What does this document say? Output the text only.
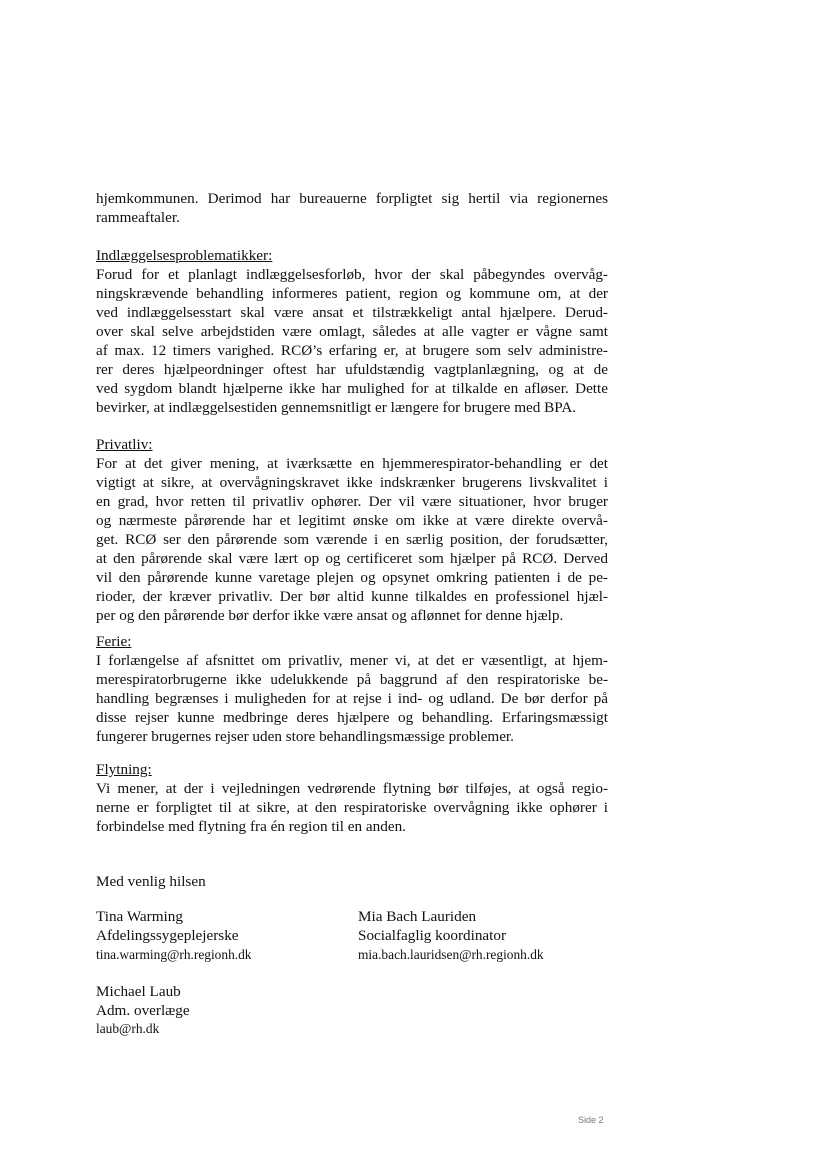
hjemkommunen. Derimod har bureauerne forpligtet sig hertil via regionernes
rammeaftaler.
Indlæggelsesproblematikker:
Forud for et planlagt indlæggelsesforløb, hvor der skal påbegyndes overvåg-
ningskrævende behandling informeres patient, region og kommune om, at der
ved indlæggelsesstart skal være ansat et tilstrækkeligt antal hjælpere. Derud-
over skal selve arbejdstiden være omlagt, således at alle vagter er vågne samt
af max. 12 timers varighed. RCØ’s erfaring er, at brugere som selv administre-
rer deres hjælpeordninger oftest har ufuldstændig vagtplanlægning, og at de
ved sygdom blandt hjælperne ikke har mulighed for at tilkalde en afløser. Dette
bevirker, at indlæggelsestiden gennemsnitligt er længere for brugere med BPA.
Privatliv:
For at det giver mening, at iværksætte en hjemmerespirator-behandling er det
vigtigt at sikre, at overvågningskravet ikke indskrænker brugerens livskvalitet i
en grad, hvor retten til privatliv ophører. Der vil være situationer, hvor bruger
og nærmeste pårørende har et legitimt ønske om ikke at være direkte overvå-
get. RCØ ser den pårørende som værende i en særlig position, der forudsætter,
at den pårørende skal være lært op og certificeret som hjælper på RCØ. Derved
vil den pårørende kunne varetage plejen og opsynet omkring patienten i de pe-
rioder, der kræver privatliv. Der bør altid kunne tilkaldes en professionel hjæl-
per og den pårørende bør derfor ikke være ansat og aflønnet for denne hjælp.
Ferie:
I forlængelse af afsnittet om privatliv, mener vi, at det er væsentligt, at hjem-
merespiratorbrugerne ikke udelukkende på baggrund af den respiratoriske be-
handling begrænses i muligheden for at rejse i ind- og udland. De bør derfor på
disse rejser kunne medbringe deres hjælpere og behandling. Erfaringsmæssigt
fungerer brugernes rejser uden store behandlingsmæssige problemer.
Flytning:
Vi mener, at der i vejledningen vedrørende flytning bør tilføjes, at også regio-
nerne er forpligtet til at sikre, at den respiratoriske overvågning ikke ophører i
forbindelse med flytning fra én region til en anden.
Med venlig hilsen
Tina Warming
Afdelingssygeplejerske
tina.warming@rh.regionh.dk
Mia Bach Lauriden
Socialfaglig koordinator
mia.bach.lauridsen@rh.regionh.dk
Michael Laub
Adm. overlæge
laub@rh.dk
Side 2
